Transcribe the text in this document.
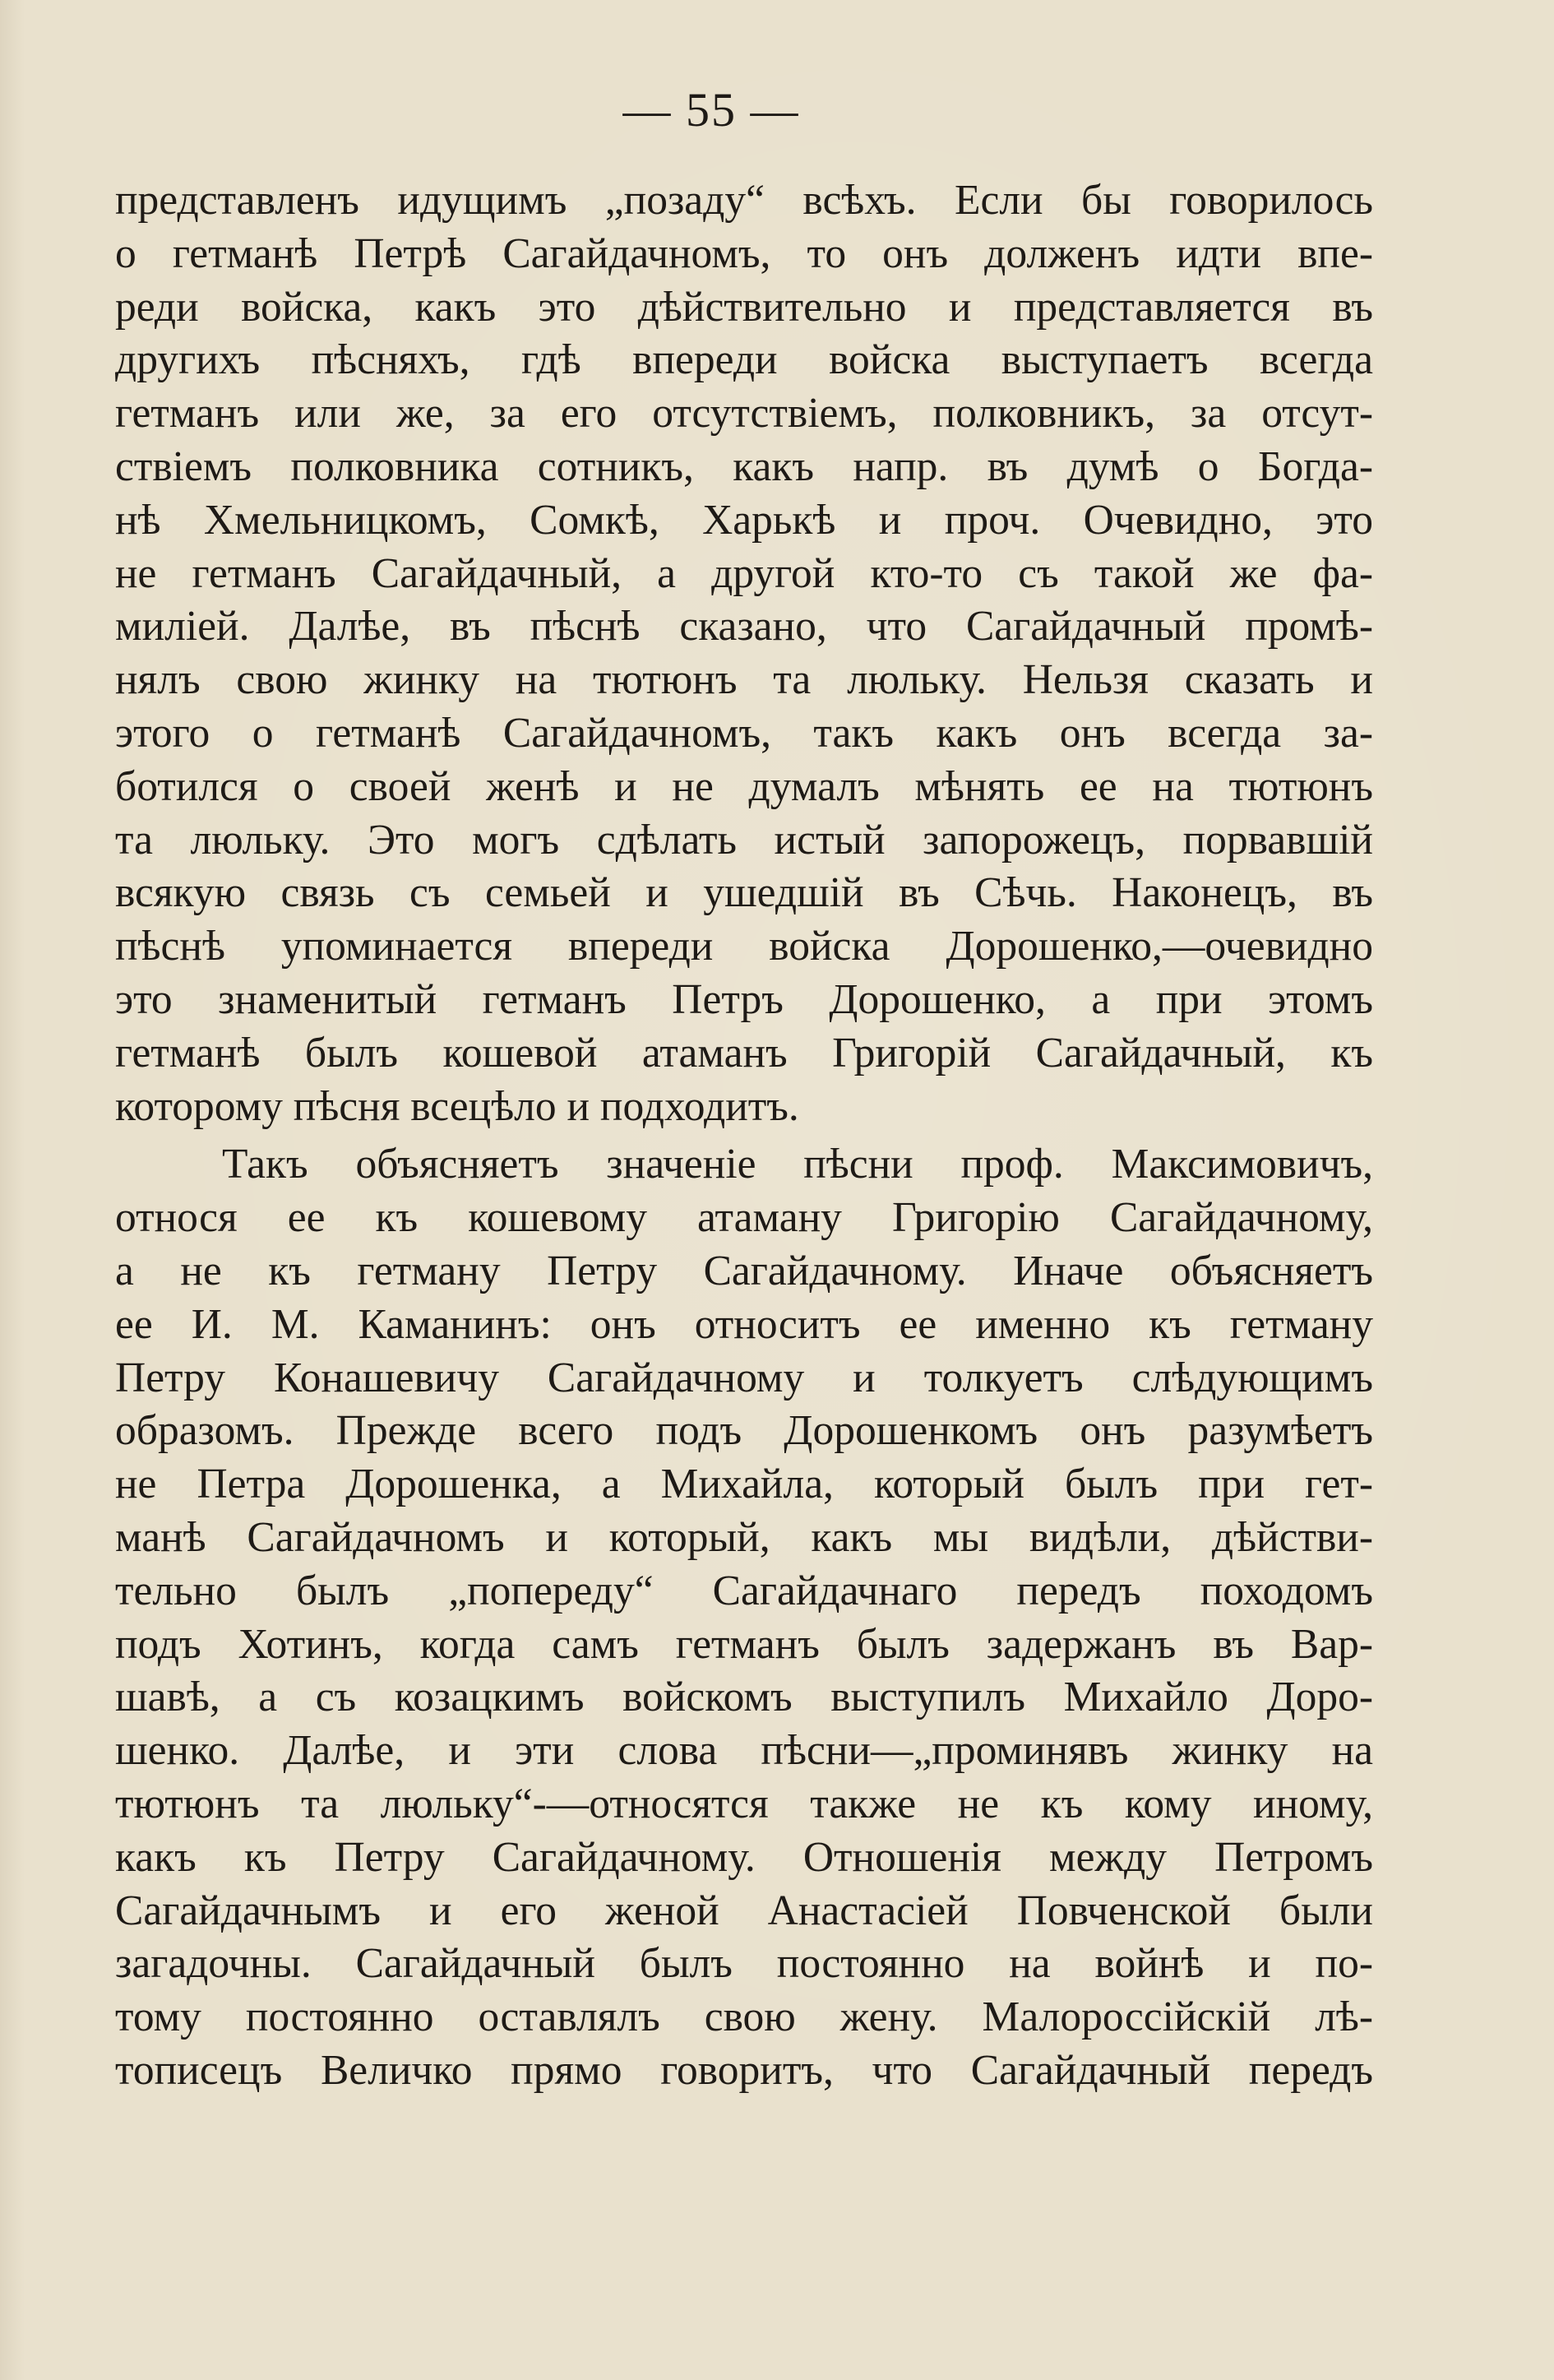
— 55 —

представленъ идущимъ „позаду“ всѣхъ. Если бы говорилось
о гетманѣ Петрѣ Сагайдачномъ, то онъ долженъ идти впе-
реди войска, какъ это дѣйствительно и представляется въ
другихъ пѣсняхъ, гдѣ впереди войска выступаетъ всегда
гетманъ или же, за его отсутствіемъ, полковникъ, за отсут-
ствіемъ полковника сотникъ, какъ напр. въ думѣ о Богда-
нѣ Хмельницкомъ, Сомкѣ, Харькѣ и проч. Очевидно, это
не гетманъ Сагайдачный, а другой кто-то съ такой же фа-
миліей. Далѣе, въ пѣснѣ сказано, что Сагайдачный промѣ-
нялъ свою жинку на тютюнъ та люльку. Нельзя сказать и
этого о гетманѣ Сагайдачномъ, такъ какъ онъ всегда за-
ботился о своей женѣ и не думалъ мѣнять ее на тютюнъ
та люльку. Это могъ сдѣлать истый запорожецъ, порвавшій
всякую связь съ семьей и ушедшій въ Сѣчь. Наконецъ, въ
пѣснѣ упоминается впереди войска Дорошенко,—очевидно
это знаменитый гетманъ Петръ Дорошенко, а при этомъ
гетманѣ былъ кошевой атаманъ Григорій Сагайдачный, къ
которому пѣсня всецѣло и подходитъ.

Такъ объясняетъ значеніе пѣсни проф. Максимовичъ,
относя ее къ кошевому атаману Григорію Сагайдачному,
а не къ гетману Петру Сагайдачному. Иначе объясняетъ
ее И. М. Каманинъ: онъ относитъ ее именно къ гетману
Петру Конашевичу Сагайдачному и толкуетъ слѣдующимъ
образомъ. Прежде всего подъ Дорошенкомъ онъ разумѣетъ
не Петра Дорошенка, а Михайла, который былъ при гет-
манѣ Сагайдачномъ и который, какъ мы видѣли, дѣйстви-
тельно былъ „попереду“ Сагайдачнаго передъ походомъ
подъ Хотинъ, когда самъ гетманъ былъ задержанъ въ Вар-
шавѣ, а съ козацкимъ войскомъ выступилъ Михайло Доро-
шенко. Далѣе, и эти слова пѣсни—„проминявъ жинку на
тютюнъ та люльку“-—относятся также не къ кому иному,
какъ къ Петру Сагайдачному. Отношенія между Петромъ
Сагайдачнымъ и его женой Анастасіей Повченской были
загадочны. Сагайдачный былъ постоянно на войнѣ и по-
тому постоянно оставлялъ свою жену. Малороссійскій лѣ-
тописецъ Величко прямо говоритъ, что Сагайдачный передъ
